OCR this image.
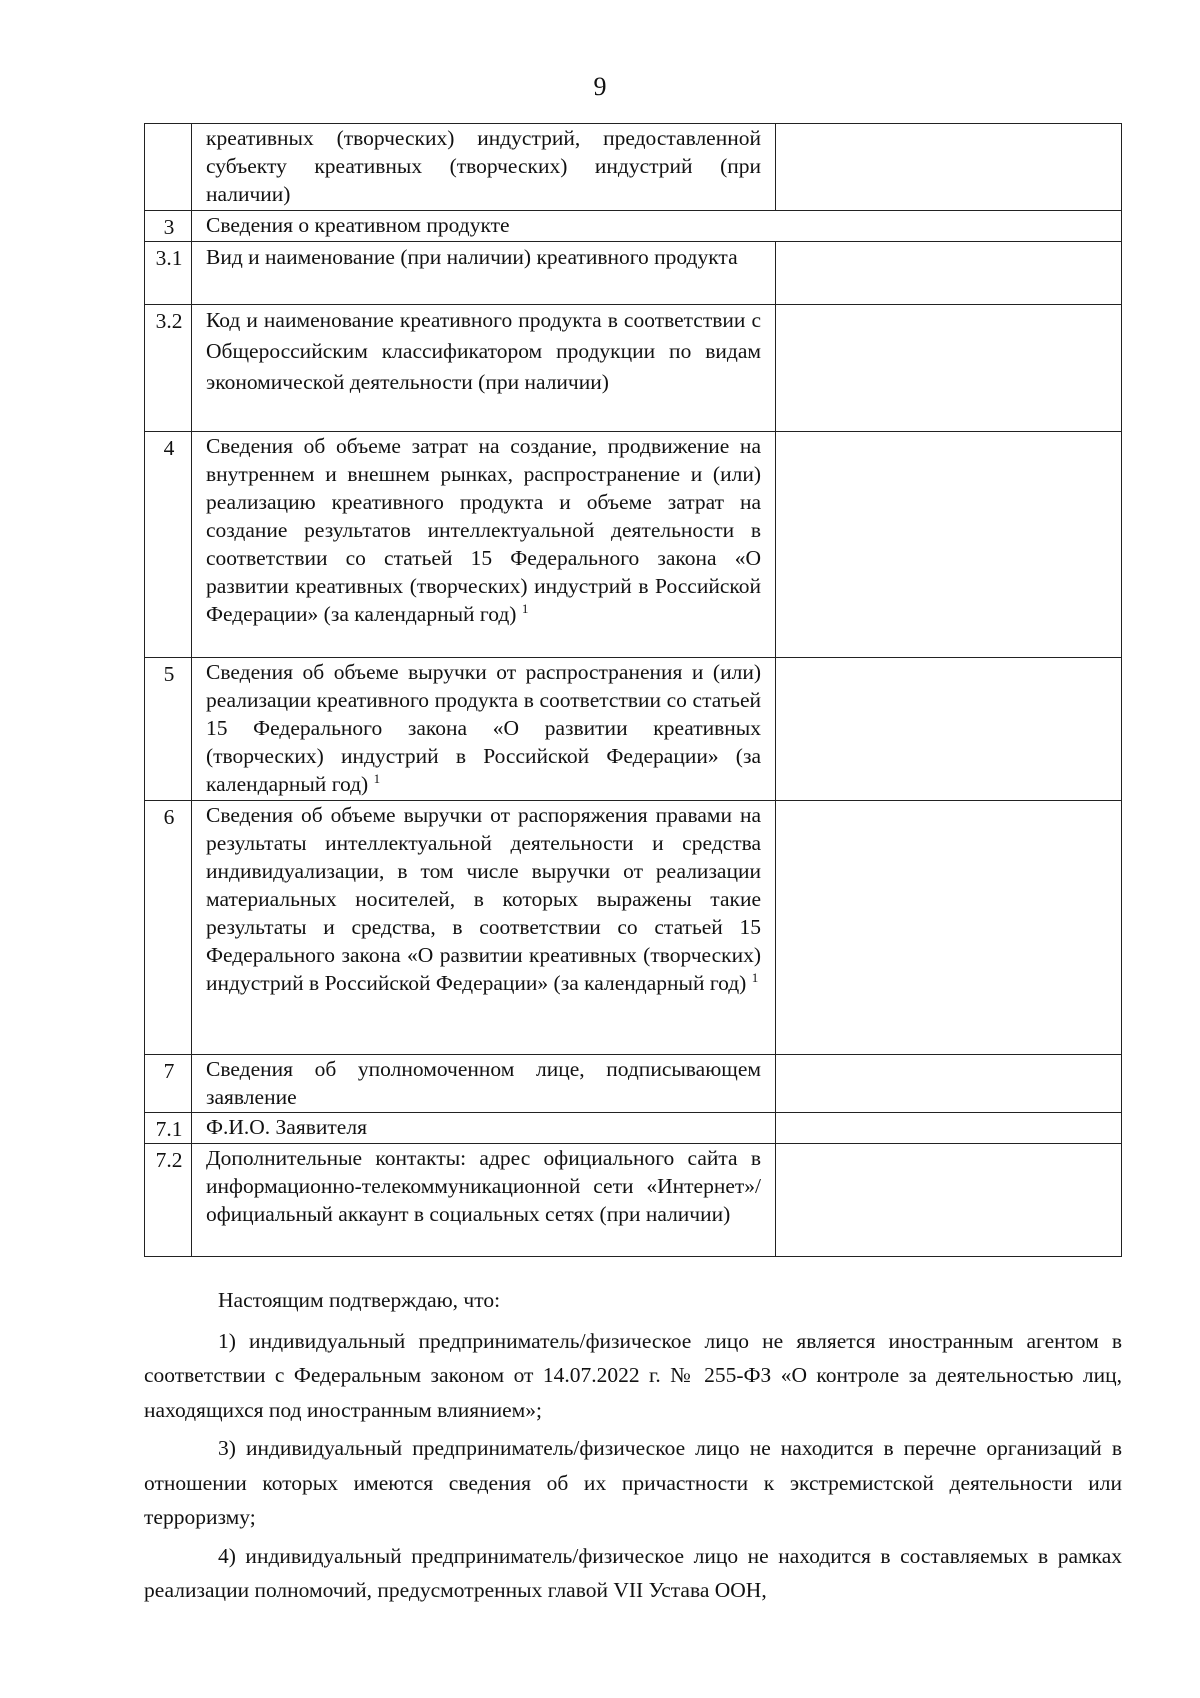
9

	креативных (творческих) индустрий, предоставленной субъекту креативных (творческих) индустрий (при наличии)	

3	Сведения о креативном продукте	

3.1	Вид и наименование (при наличии) креативного продукта	

3.2	Код и наименование креативного продукта в соответствии с Общероссийским классификатором продукции по видам экономической деятельности (при наличии)	

4	Сведения об объеме затрат на создание, продвижение на внутреннем и внешнем рынках, распространение и (или) реализацию креативного продукта и объеме затрат на создание результатов интеллектуальной деятельности в соответствии со статьей 15 Федерального закона «О развитии креативных (творческих) индустрий в Российской Федерации» (за календарный год) $^1$	
5	Сведения об объеме выручки от распространения и (или) реализации креативного продукта в соответствии со статьей 15 Федерального закона «О развитии креативных (творческих) индустрий в Российской Федерации» (за календарный год) $^1$	
6	Сведения об объеме выручки от распоряжения правами на результаты интеллектуальной деятельности и средства индивидуализации, в том числе выручки от реализации материальных носителей, в которых выражены такие результаты и средства, в соответствии со статьей 15 Федерального закона «О развитии креативных (творческих) индустрий в Российской Федерации» (за календарный год) $^1$	
7	Сведения об уполномоченном лице, подписывающем заявление	

7.1	Ф.И.О. Заявителя	

7.2	Дополнительные контакты: адрес официального сайта в информационно-телекоммуникационной сети «Интернет»/официальный аккаунт в социальных сетях (при наличии)	

Настоящим подтверждаю, что:

1) индивидуальный предприниматель/физическое лицо не является иностранным агентом в соответствии с Федеральным законом от 14.07.2022 г. № 255-ФЗ «О контроле за деятельностью лиц, находящихся под иностранным влиянием»;

3) индивидуальный предприниматель/физическое лицо не находится в перечне организаций в отношении которых имеются сведения об их причастности к экстремистской деятельности или терроризму;

4) индивидуальный предприниматель/физическое лицо не находится в составляемых в рамках реализации полномочий, предусмотренных главой VII Устава ООН,
